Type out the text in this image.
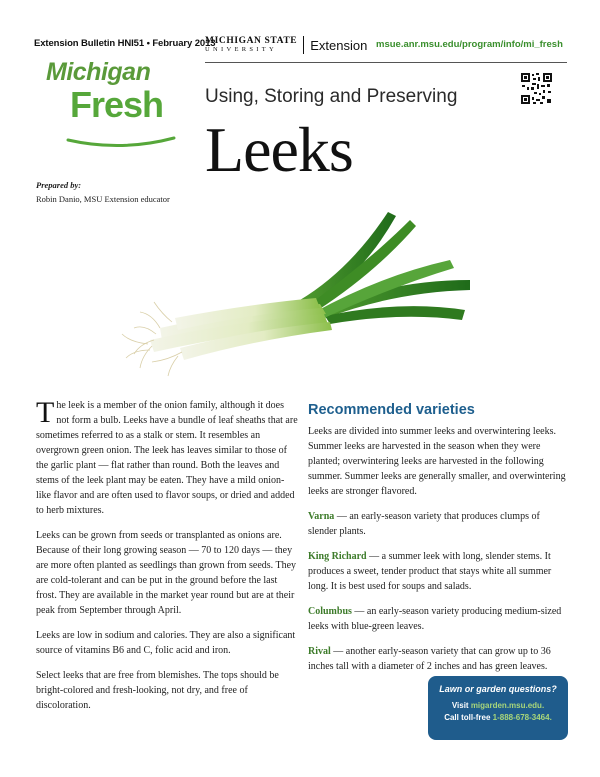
Extension Bulletin HNI51 • February 2013
MICHIGAN STATE
UNIVERSITY	Extension msue.anr.msu.edu/program/info/mi_fresh
Michigan
Fresh Using, Storing and Preserving
Leeks
Prepared by:
Robin Danio, MSU Extension educator

The leek is a member of the onion family, although it does not form a bulb. Leeks have a bundle of leaf sheaths that are sometimes referred to as a stalk or stem. It resembles an overgrown green onion. The leek has leaves similar to those of the garlic plant — flat rather than round. Both the leaves and stems of the leek plant may be eaten. They have a mild onion-like flavor and are often used to flavor soups, or dried and added to herb mixtures.

Leeks can be grown from seeds or transplanted as onions are. Because of their long growing season — 70 to 120 days — they are more often planted as seedlings than grown from seeds. They are cold-tolerant and can be put in the ground before the last frost. They are available in the market year round but are at their peak from September through April.

Leeks are low in sodium and calories. They are also a significant source of vitamins B6 and C, folic acid and iron.

Select leeks that are free from blemishes. The tops should be bright-colored and fresh-looking, not dry, and free of discoloration.

Recommended varieties

Leeks are divided into summer leeks and overwintering leeks. Summer leeks are harvested in the season when they were planted; overwintering leeks are harvested in the following summer. Summer leeks are generally smaller, and overwintering leeks are stronger flavored.

Varna — an early-season variety that produces clumps of slender plants.

King Richard — a summer leek with long, slender stems. It produces a sweet, tender product that stays white all summer long. It is best used for soups and salads.

Columbus — an early-season variety producing medium-sized leeks with blue-green leaves.

Rival — another early-season variety that can grow up to 36 inches tall with a diameter of 2 inches and has green leaves.

Lawn or garden questions?
Visit migarden.msu.edu.
Call toll-free 1-888-678-3464.
